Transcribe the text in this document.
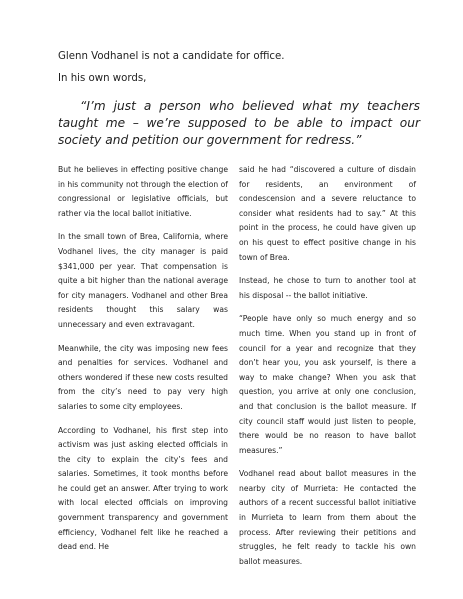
Glenn Vodhanel is not a candidate for office.

In his own words,

“I’m just a person who believed what my teachers taught me – we’re supposed to be able to impact our society and petition our government for redress.”

But he believes in effecting positive change in his community not through the election of congressional or legislative officials, but rather via the local ballot initiative.

In the small town of Brea, California, where Vodhanel lives, the city manager is paid $341,000 per year. That compensation is quite a bit higher than the national average for city managers. Vodhanel and other Brea residents thought this salary was unnecessary and even extravagant.

Meanwhile, the city was imposing new fees and penalties for services. Vodhanel and others wondered if these new costs resulted from the city’s need to pay very high salaries to some city employees.

According to Vodhanel, his first step into activism was just asking elected officials in the city to explain the city’s fees and salaries. Sometimes, it took months before he could get an answer. After trying to work with local elected officials on improving government transparency and government efficiency, Vodhanel felt like he reached a dead end. He

said he had “discovered a culture of disdain for residents, an environment of condescension and a severe reluctance to consider what residents had to say.” At this point in the process, he could have given up on his quest to effect positive change in his town of Brea.

Instead, he chose to turn to another tool at his disposal -- the ballot initiative.

“People have only so much energy and so much time. When you stand up in front of council for a year and recognize that they don’t hear you, you ask yourself, is there a way to make change? When you ask that question, you arrive at only one conclusion, and that conclusion is the ballot measure. If city council staff would just listen to people, there would be no reason to have ballot measures.”

Vodhanel read about ballot measures in the nearby city of Murrieta: He contacted the authors of a recent successful ballot initiative in Murrieta to learn from them about the process. After reviewing their petitions and struggles, he felt ready to tackle his own ballot measures.
